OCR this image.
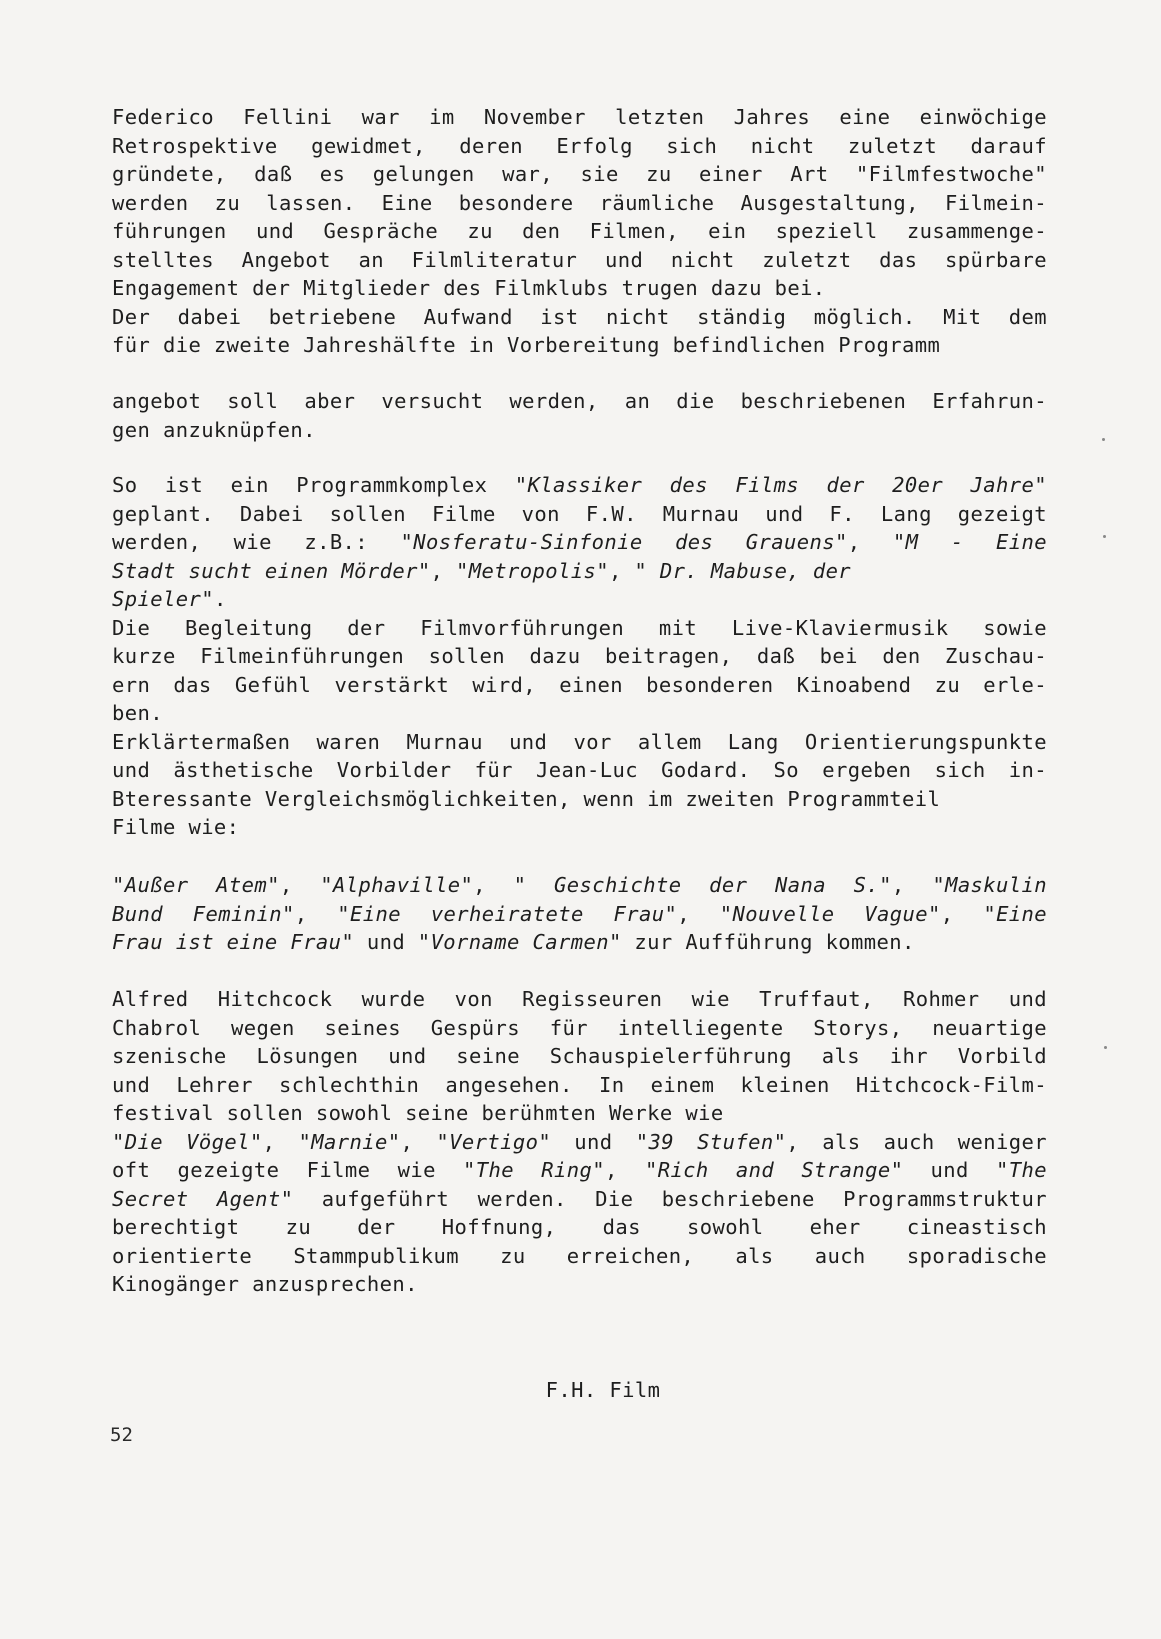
Federico Fellini war im November letzten Jahres eine einwöchige
Retrospektive gewidmet, deren Erfolg sich nicht zuletzt darauf
gründete, daß es gelungen war, sie zu einer Art "Filmfestwoche"
werden zu lassen. Eine besondere räumliche Ausgestaltung, Filmein-
führungen und Gespräche zu den Filmen, ein speziell zusammenge-
stelltes Angebot an Filmliteratur und nicht zuletzt das spürbare
Engagement der Mitglieder des Filmklubs trugen dazu bei.
Der dabei betriebene Aufwand ist nicht ständig möglich. Mit dem
für die zweite Jahreshälfte in Vorbereitung befindlichen Programm
angebot soll aber versucht werden, an die beschriebenen Erfahrun-
gen anzuknüpfen.
So ist ein Programmkomplex "Klassiker des Films der 20er Jahre"
geplant. Dabei sollen Filme von F.W. Murnau und F. Lang gezeigt
werden, wie z.B.: "Nosferatu-Sinfonie des Grauens", "M - Eine
Stadt sucht einen Mörder", "Metropolis", " Dr. Mabuse, der
Spieler".
Die Begleitung der Filmvorführungen mit Live-Klaviermusik sowie
kurze Filmeinführungen sollen dazu beitragen, daß bei den Zuschau-
ern das Gefühl verstärkt wird, einen besonderen Kinoabend zu erle-
ben.
Erklärtermaßen waren Murnau und vor allem Lang Orientierungspunkte
und ästhetische Vorbilder für Jean-Luc Godard. So ergeben sich in-
Bteressante Vergleichsmöglichkeiten, wenn im zweiten Programmteil
Filme wie:
"Außer Atem", "Alphaville", " Geschichte der Nana S.", "Maskulin
Bund Feminin", "Eine verheiratete Frau", "Nouvelle Vague", "Eine
Frau ist eine Frau" und "Vorname Carmen" zur Aufführung kommen.
Alfred Hitchcock wurde von Regisseuren wie Truffaut, Rohmer und
Chabrol wegen seines Gespürs für intelliegente Storys, neuartige
szenische Lösungen und seine Schauspielerführung als ihr Vorbild
und Lehrer schlechthin angesehen. In einem kleinen Hitchcock-Film-
festival sollen sowohl seine berühmten Werke wie
"Die Vögel", "Marnie", "Vertigo" und "39 Stufen", als auch weniger
oft gezeigte Filme wie "The Ring", "Rich and Strange" und "The
Secret Agent" aufgeführt werden. Die beschriebene Programmstruktur
berechtigt zu der Hoffnung, das sowohl eher cineastisch
orientierte Stammpublikum zu erreichen, als auch sporadische
Kinogänger anzusprechen.
F.H. Film
52
